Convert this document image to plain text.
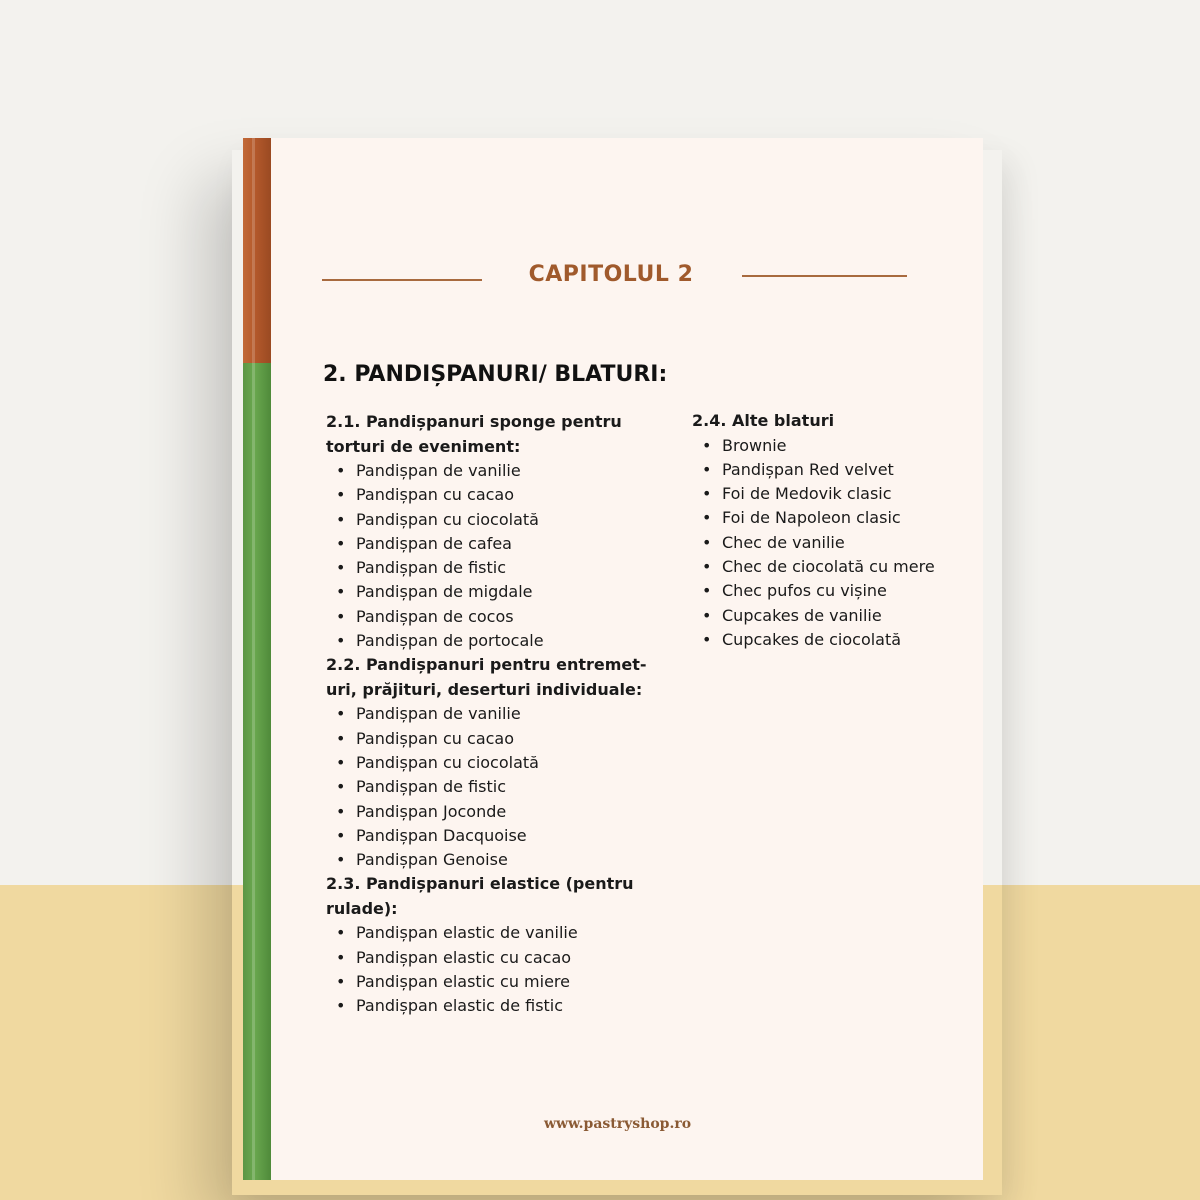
CAPITOLUL 2
2. PANDIȘPANURI/ BLATURI:

2.1. Pandișpanuri sponge pentru torturi de eveniment:

• Pandișpan de vanilie
• Pandișpan cu cacao
• Pandișpan cu ciocolată
• Pandișpan de cafea
• Pandișpan de fistic
• Pandișpan de migdale
• Pandișpan de cocos
• Pandișpan de portocale

2.2. Pandișpanuri pentru entremet-uri, prăjituri, deserturi individuale:

• Pandișpan de vanilie
• Pandișpan cu cacao
• Pandișpan cu ciocolată
• Pandișpan de fistic
• Pandișpan Joconde
• Pandișpan Dacquoise
• Pandișpan Genoise

2.3. Pandișpanuri elastice (pentru rulade):

• Pandișpan elastic de vanilie
• Pandișpan elastic cu cacao
• Pandișpan elastic cu miere
• Pandișpan elastic de fistic

2.4. Alte blaturi

• Brownie
• Pandișpan Red velvet
• Foi de Medovik clasic
• Foi de Napoleon clasic
• Chec de vanilie
• Chec de ciocolată cu mere
• Chec pufos cu vișine
• Cupcakes de vanilie
• Cupcakes de ciocolată
www.pastryshop.ro
